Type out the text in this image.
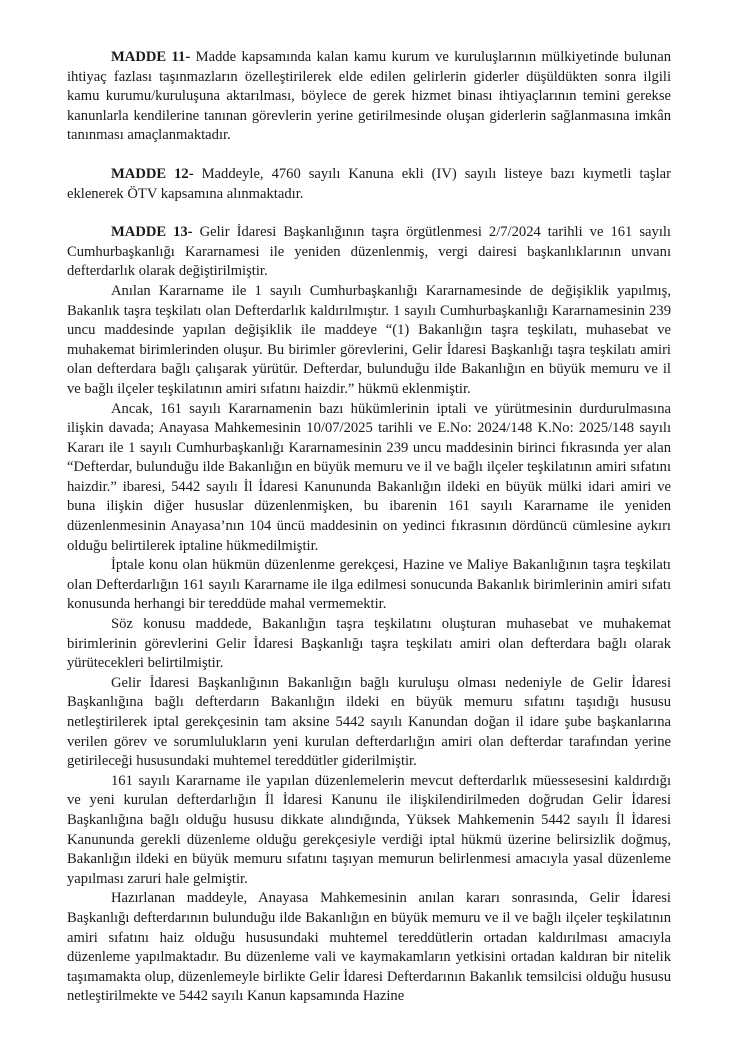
MADDE 11- Madde kapsamında kalan kamu kurum ve kuruluşlarının mülkiyetinde bulunan ihtiyaç fazlası taşınmazların özelleştirilerek elde edilen gelirlerin giderler düşüldükten sonra ilgili kamu kurumu/kuruluşuna aktarılması, böylece de gerek hizmet binası ihtiyaçlarının temini gerekse kanunlarla kendilerine tanınan görevlerin yerine getirilmesinde oluşan giderlerin sağlanmasına imkân tanınması amaçlanmaktadır.

MADDE 12- Maddeyle, 4760 sayılı Kanuna ekli (IV) sayılı listeye bazı kıymetli taşlar eklenerek ÖTV kapsamına alınmaktadır.

MADDE 13- Gelir İdaresi Başkanlığının taşra örgütlenmesi 2/7/2024 tarihli ve 161 sayılı Cumhurbaşkanlığı Kararnamesi ile yeniden düzenlenmiş, vergi dairesi başkanlıklarının unvanı defterdarlık olarak değiştirilmiştir.

Anılan Kararname ile 1 sayılı Cumhurbaşkanlığı Kararnamesinde de değişiklik yapılmış, Bakanlık taşra teşkilatı olan Defterdarlık kaldırılmıştır. 1 sayılı Cumhurbaşkanlığı Kararnamesinin 239 uncu maddesinde yapılan değişiklik ile maddeye “(1) Bakanlığın taşra teşkilatı, muhasebat ve muhakemat birimlerinden oluşur. Bu birimler görevlerini, Gelir İdaresi Başkanlığı taşra teşkilatı amiri olan defterdara bağlı çalışarak yürütür. Defterdar, bulunduğu ilde Bakanlığın en büyük memuru ve il ve bağlı ilçeler teşkilatının amiri sıfatını haizdir.” hükmü eklenmiştir.

Ancak, 161 sayılı Kararnamenin bazı hükümlerinin iptali ve yürütmesinin durdurulmasına ilişkin davada; Anayasa Mahkemesinin 10/07/2025 tarihli ve E.No: 2024/148 K.No: 2025/148 sayılı Kararı ile 1 sayılı Cumhurbaşkanlığı Kararnamesinin 239 uncu maddesinin birinci fıkrasında yer alan “Defterdar, bulunduğu ilde Bakanlığın en büyük memuru ve il ve bağlı ilçeler teşkilatının amiri sıfatını haizdir.” ibaresi, 5442 sayılı İl İdaresi Kanununda Bakanlığın ildeki en büyük mülki idari amiri ve buna ilişkin diğer hususlar düzenlenmişken, bu ibarenin 161 sayılı Kararname ile yeniden düzenlenmesinin Anayasa’nın 104 üncü maddesinin on yedinci fıkrasının dördüncü cümlesine aykırı olduğu belirtilerek iptaline hükmedilmiştir.

İptale konu olan hükmün düzenlenme gerekçesi, Hazine ve Maliye Bakanlığının taşra teşkilatı olan Defterdarlığın 161 sayılı Kararname ile ilga edilmesi sonucunda Bakanlık birimlerinin amiri sıfatı konusunda herhangi bir tereddüde mahal vermemektir.

Söz konusu maddede, Bakanlığın taşra teşkilatını oluşturan muhasebat ve muhakemat birimlerinin görevlerini Gelir İdaresi Başkanlığı taşra teşkilatı amiri olan defterdara bağlı olarak yürütecekleri belirtilmiştir.

Gelir İdaresi Başkanlığının Bakanlığın bağlı kuruluşu olması nedeniyle de Gelir İdaresi Başkanlığına bağlı defterdarın Bakanlığın ildeki en büyük memuru sıfatını taşıdığı hususu netleştirilerek iptal gerekçesinin tam aksine 5442 sayılı Kanundan doğan il idare şube başkanlarına verilen görev ve sorumlulukların yeni kurulan defterdarlığın amiri olan defterdar tarafından yerine getirileceği hususundaki muhtemel tereddütler giderilmiştir.

161 sayılı Kararname ile yapılan düzenlemelerin mevcut defterdarlık müessesesini kaldırdığı ve yeni kurulan defterdarlığın İl İdaresi Kanunu ile ilişkilendirilmeden doğrudan Gelir İdaresi Başkanlığına bağlı olduğu hususu dikkate alındığında, Yüksek Mahkemenin 5442 sayılı İl İdaresi Kanununda gerekli düzenleme olduğu gerekçesiyle verdiği iptal hükmü üzerine belirsizlik doğmuş, Bakanlığın ildeki en büyük memuru sıfatını taşıyan memurun belirlenmesi amacıyla yasal düzenleme yapılması zaruri hale gelmiştir.

Hazırlanan maddeyle, Anayasa Mahkemesinin anılan kararı sonrasında, Gelir İdaresi Başkanlığı defterdarının bulunduğu ilde Bakanlığın en büyük memuru ve il ve bağlı ilçeler teşkilatının amiri sıfatını haiz olduğu hususundaki muhtemel tereddütlerin ortadan kaldırılması amacıyla düzenleme yapılmaktadır. Bu düzenleme vali ve kaymakamların yetkisini ortadan kaldıran bir nitelik taşımamakta olup, düzenlemeyle birlikte Gelir İdaresi Defterdarının Bakanlık temsilcisi olduğu hususu netleştirilmekte ve 5442 sayılı Kanun kapsamında Hazine
